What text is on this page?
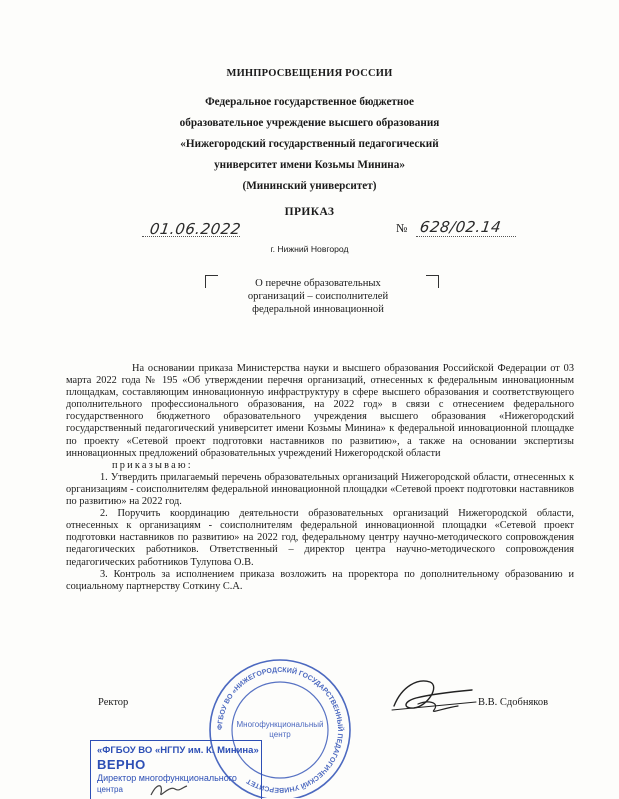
МИНПРОСВЕЩЕНИЯ РОССИИ
Федеральное государственное бюджетное
образовательное учреждение высшего образования
«Нижегородский государственный педагогический
университет имени Козьмы Минина»
(Мининский университет)
ПРИКАЗ
01.06.2022	№ 628/02.14
г. Нижний Новгород
О перечне образовательных
организаций – соисполнителей
федеральной инновационной

На основании приказа Министерства науки и высшего образования Российской Федерации от 03 марта 2022 года № 195 «Об утверждении перечня организаций, отнесенных к федеральным инновационным площадкам, составляющим инновационную инфраструктуру в сфере высшего образования и соответствующего дополнительного профессионального образования, на 2022 год» в связи с отнесением федерального государственного бюджетного образовательного учреждения высшего образования «Нижегородский государственный педагогический университет имени Козьмы Минина» к федеральной инновационной площадке по проекту «Сетевой проект подготовки наставников по развитию», а также на основании экспертизы инновационных предложений образовательных учреждений Нижегородской области

приказываю:

1. Утвердить прилагаемый перечень образовательных организаций Нижегородской области, отнесенных к организациям - соисполнителям федеральной инновационной площадки «Сетевой проект подготовки наставников по развитию» на 2022 год.

2. Поручить координацию деятельности образовательных организаций Нижегородской области, отнесенных к организациям - соисполнителям федеральной инновационной площадки «Сетевой проект подготовки наставников по развитию» на 2022 год, федеральному центру научно-методического сопровождения педагогических работников. Ответственный – директор центра научно-методического сопровождения педагогических работников Тулупова О.В.

3. Контроль за исполнением приказа возложить на проректора по дополнительному образованию и социальному партнерству Соткину С.А.

Ректор	В.В. Сдобняков
ФГБОУ ВО «НИЖЕГОРОДСКИЙ ГОСУДАРСТВЕННЫЙ ПЕДАГОГИЧЕСКИЙ УНИВЕРСИТЕТ
Многофункциональный
центр
«ФГБОУ ВО «НГПУ им. К. Минина»
ВЕРНО
Директор многофункционального
центра
